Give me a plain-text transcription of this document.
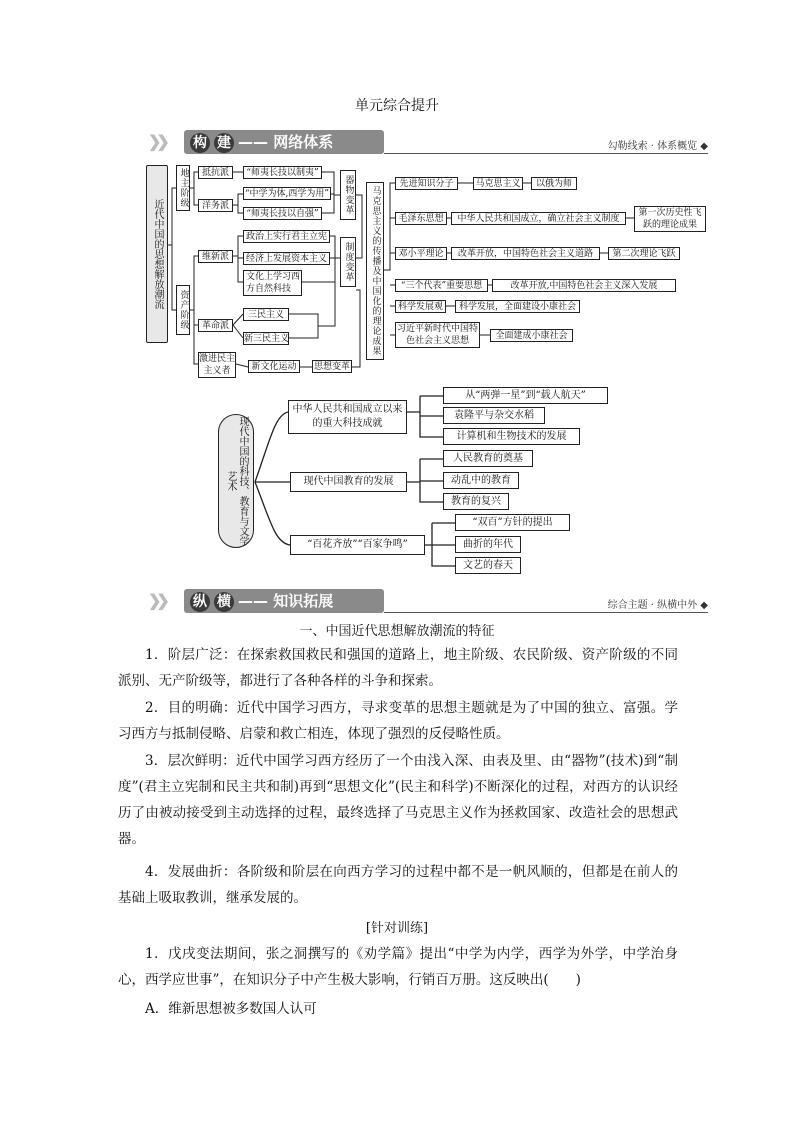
单元综合提升
❯❯	构 建 —— 网络体系	勾勒线索 · 体系概览 ◆
近代中国的思想解放潮流
地主阶级
资产阶级
抵抗派
洋务派
维新派
革命派
激进民主主义者
“师夷长技以制夷”
“中学为体,西学为用”
“师夷长技以自强”
政治上实行君主立宪
经济上发展资本主义
文化上学习西方自然科技
三民主义
新三民主义
新文化运动	思想变革
器物变革
制度变革	马克思主义的传播及中国化的理论成果
先进知识分子	马克思主义	以俄为师
毛泽东思想	中华人民共和国成立，确立社会主义制度
第一次历史性飞跃的理论成果
邓小平理论	改革开放，中国特色社会主义道路	第二次理论飞跃
“三个代表”重要思想	改革开放,中国特色社会主义深入发展
科学发展观	科学发展，全面建设小康社会
习近平新时代中国特色社会主义思想	全面建成小康社会
现代中国的科技、教育与文学艺术
中华人民共和国成立以来的重大科技成就
现代中国教育的发展
“百花齐放”“百家争鸣”
从“两弹一星”到“载人航天”
袁隆平与杂交水稻
计算机和生物技术的发展
人民教育的奠基
动乱中的教育
教育的复兴
“双百”方针的提出
曲折的年代
文艺的春天
❯❯	纵 横 —— 知识拓展	综合主题 · 纵横中外 ◆
一、中国近代思想解放潮流的特征
1．阶层广泛：在探索救国救民和强国的道路上，地主阶级、农民阶级、资产阶级的不同派别、无产阶级等，都进行了各种各样的斗争和探索。
2．目的明确：近代中国学习西方，寻求变革的思想主题就是为了中国的独立、富强。学习西方与抵制侵略、启蒙和救亡相连，体现了强烈的反侵略性质。
3．层次鲜明：近代中国学习西方经历了一个由浅入深、由表及里、由“器物”(技术)到“制度”(君主立宪制和民主共和制)再到“思想文化”(民主和科学)不断深化的过程，对西方的认识经历了由被动接受到主动选择的过程，最终选择了马克思主义作为拯救国家、改造社会的思想武器。
4．发展曲折：各阶级和阶层在向西方学习的过程中都不是一帆风顺的，但都是在前人的基础上吸取教训，继承发展的。
[针对训练]
1．戊戌变法期间，张之洞撰写的《劝学篇》提出“中学为内学，西学为外学，中学治身心，西学应世事”，在知识分子中产生极大影响，行销百万册。这反映出(　　)
A．维新思想被多数国人认可
